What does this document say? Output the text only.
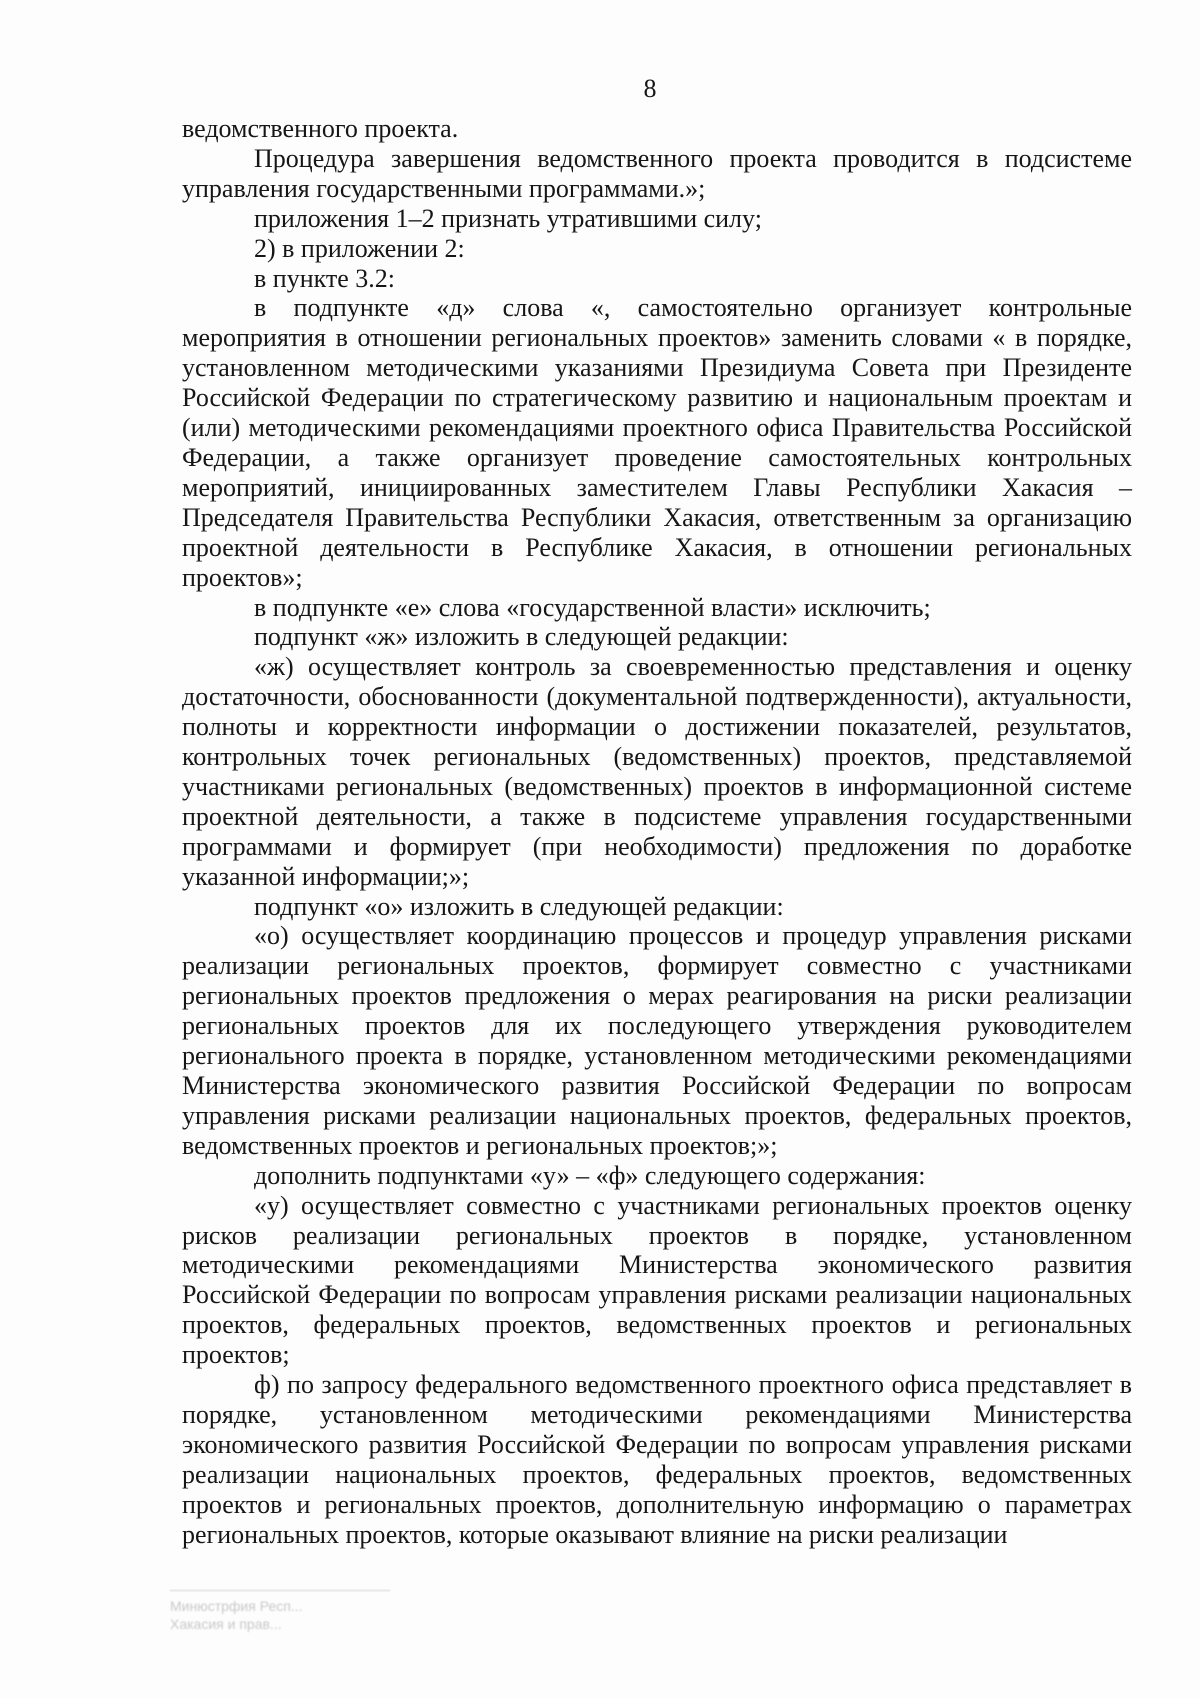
8

ведомственного проекта.

Процедура завершения ведомственного проекта проводится в подсистеме управления государственными программами.»;

приложения 1–2 признать утратившими силу;

2) в приложении 2:

в пункте 3.2:

в подпункте «д» слова «, самостоятельно организует контрольные мероприятия в отношении региональных проектов» заменить словами « в порядке, установленном методическими указаниями Президиума Совета при Президенте Российской Федерации по стратегическому развитию и национальным проектам и (или) методическими рекомендациями проектного офиса Правительства Российской Федерации, а также организует проведение самостоятельных контрольных мероприятий, инициированных заместителем Главы Республики Хакасия – Председателя Правительства Республики Хакасия, ответственным за организацию проектной деятельности в Республике Хакасия, в отношении региональных проектов»;

в подпункте «е» слова «государственной власти» исключить;

подпункт «ж» изложить в следующей редакции:

«ж) осуществляет контроль за своевременностью представления и оценку достаточности, обоснованности (документальной подтвержденности), актуальности, полноты и корректности информации о достижении показателей, результатов, контрольных точек региональных (ведомственных) проектов, представляемой участниками региональных (ведомственных) проектов в информационной системе проектной деятельности, а также в подсистеме управления государственными программами и формирует (при необходимости) предложения по доработке указанной информации;»;

подпункт «о» изложить в следующей редакции:

«о) осуществляет координацию процессов и процедур управления рисками реализации региональных проектов, формирует совместно с участниками региональных проектов предложения о мерах реагирования на риски реализации региональных проектов для их последующего утверждения руководителем регионального проекта в порядке, установленном методическими рекомендациями Министерства экономического развития Российской Федерации по вопросам управления рисками реализации национальных проектов, федеральных проектов, ведомственных проектов и региональных проектов;»;

дополнить подпунктами «у» – «ф» следующего содержания:

«у) осуществляет совместно с участниками региональных проектов оценку рисков реализации региональных проектов в порядке, установленном методическими рекомендациями Министерства экономического развития Российской Федерации по вопросам управления рисками реализации национальных проектов, федеральных проектов, ведомственных проектов и региональных проектов;

ф) по запросу федерального ведомственного проектного офиса представляет в порядке, установленном методическими рекомендациями Министерства экономического развития Российской Федерации по вопросам управления рисками реализации национальных проектов, федеральных проектов, ведомственных проектов и региональных проектов, дополнительную информацию о параметрах региональных проектов, которые оказывают влияние на риски реализации

Минюстрфия Респ...
Хакасия и прав...
